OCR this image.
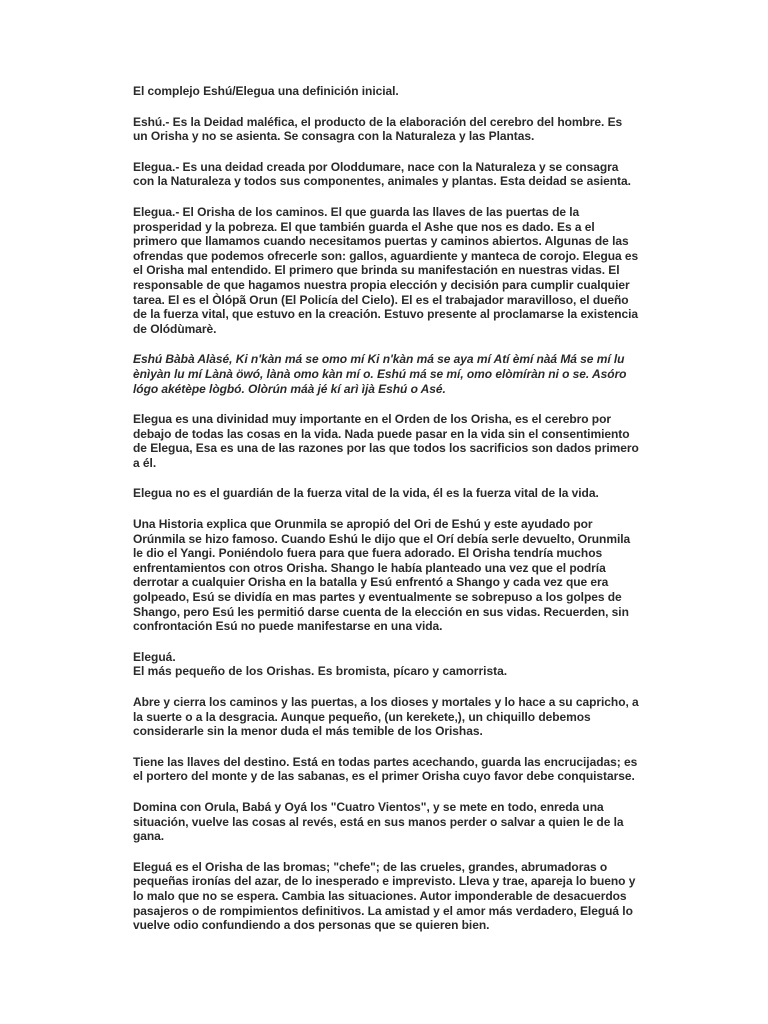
El complejo Eshú/Elegua una definición inicial.

Eshú.- Es la Deidad maléfica, el producto de la elaboración del cerebro del hombre. Es un Orisha y no se asienta. Se consagra con la Naturaleza y las Plantas.

Elegua.- Es una deidad creada por Oloddumare, nace con la Naturaleza y se consagra con la Naturaleza y todos sus componentes, animales y plantas. Esta deidad se asienta.

Elegua.- El Orisha de los caminos. El que guarda las llaves de las puertas de la prosperidad y la pobreza. El que también guarda el Ashe que nos es dado. Es a el primero que llamamos cuando necesitamos puertas y caminos abiertos. Algunas de las ofrendas que podemos ofrecerle son: gallos, aguardiente y manteca de corojo. Elegua es el Orisha mal entendido. El primero que brinda su manifestación en nuestras vidas. El responsable de que hagamos nuestra propia elección y decisión para cumplir cualquier tarea. El es el Òlópã Orun (El Policía del Cielo). El es el trabajador maravilloso, el dueño de la fuerza vital, que estuvo en la creación. Estuvo presente al proclamarse la existencia de Olódùmarè.

Eshú Bàbà Alàsé, Ki n'kàn má se omo mí Ki n'kàn má se aya mí Atí èmí nàá Má se mí lu ènìyàn lu mí Lànà öwó, lànà omo kàn mí o. Eshú má se mí, omo elòmíràn ni o se. Asóro lógo akétèpe lògbó. Olòrún máà jé kí arì ìjà Eshú o Asé.

Elegua es una divinidad muy importante en el Orden de los Orisha, es el cerebro por debajo de todas las cosas en la vida. Nada puede pasar en la vida sin el consentimiento de Elegua, Esa es una de las razones por las que todos los sacrificios son dados primero a él.

Elegua no es el guardián de la fuerza vital de la vida, él es la fuerza vital de la vida.

Una Historia explica que Orunmila se apropió del Ori de Eshú y este ayudado por Orúnmila se hizo famoso. Cuando Eshú le dijo que el Orí debía serle devuelto, Orunmila le dio el Yangi. Poniéndolo fuera para que fuera adorado. El Orisha tendría muchos enfrentamientos con otros Orisha. Shango le había planteado una vez que el podría derrotar a cualquier Orisha en la batalla y Esú enfrentó a Shango y cada vez que era golpeado, Esú se dividía en mas partes y eventualmente se sobrepuso a los golpes de Shango, pero Esú les permitió darse cuenta de la elección en sus vidas. Recuerden, sin confrontación Esú no puede manifestarse en una vida.

Eleguá.
El más pequeño de los Orishas. Es bromista, pícaro y camorrista.

Abre y cierra los caminos y las puertas, a los dioses y mortales y lo hace a su capricho, a la suerte o a la desgracia. Aunque pequeño, (un kerekete,), un chiquillo debemos considerarle sin la menor duda el más temible de los Orishas.

Tiene las llaves del destino. Está en todas partes acechando, guarda las encrucijadas; es el portero del monte y de las sabanas, es el primer Orisha cuyo favor debe conquistarse.

Domina con Orula, Babá y Oyá los "Cuatro Vientos", y se mete en todo, enreda una situación, vuelve las cosas al revés, está en sus manos perder o salvar a quien le de la gana.

Eleguá es el Orisha de las bromas; "chefe"; de las crueles, grandes, abrumadoras o pequeñas ironías del azar, de lo inesperado e imprevisto. Lleva y trae, apareja lo bueno y lo malo que no se espera. Cambia las situaciones. Autor imponderable de desacuerdos pasajeros o de rompimientos definitivos. La amistad y el amor más verdadero, Eleguá lo vuelve odio confundiendo a dos personas que se quieren bien.
